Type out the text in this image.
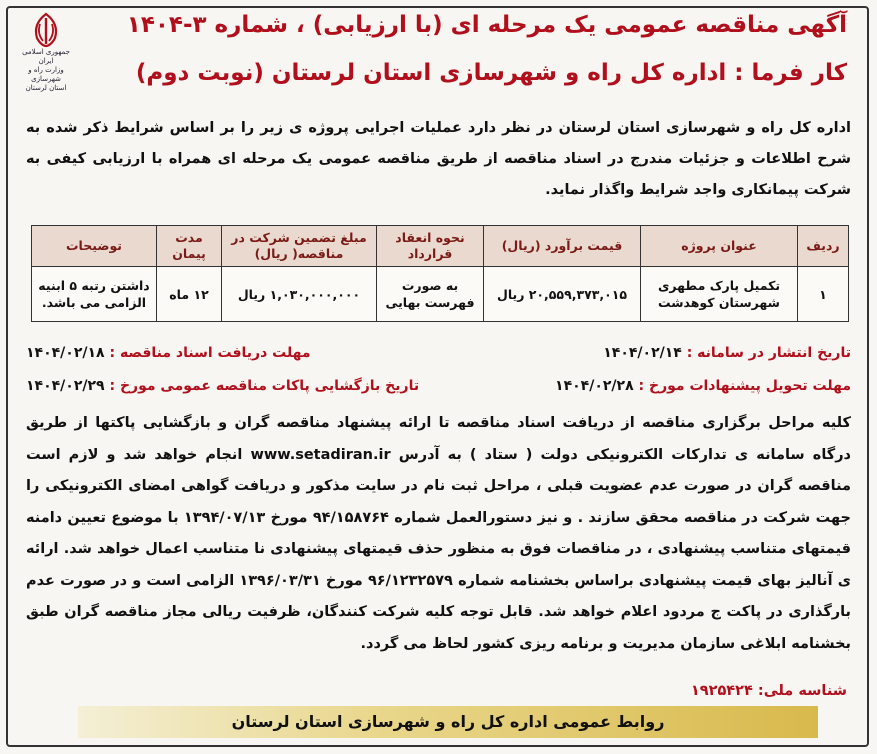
جمهوری اسلامی ایران
وزارت راه و شهرسازی
استان لرستان
آگهی مناقصه عمومی یک مرحله ای (با ارزیابی) ، شماره ۳-۱۴۰۴
کار فرما : اداره کل راه و شهرسازی استان لرستان (نوبت دوم)
اداره کل راه و شهرسازی استان لرستان در نظر دارد عملیات اجرایی پروژه ی زیر را بر اساس شرایط ذکر شده به شرح اطلاعات و جزئیات مندرج در اسناد مناقصه از طریق مناقصه عمومی یک مرحله ای همراه با ارزیابی کیفی به شرکت پیمانکاری واجد شرایط واگذار نماید.
ردیف	عنوان پروژه	قیمت برآورد (ریال)	نحوه انعقاد قرارداد	مبلغ تضمین شرکت در مناقصه( ریال)	مدت پیمان	توضیحات
۱	تکمیل پارک مطهری شهرستان کوهدشت	۲۰,۵۵۹,۳۷۳,۰۱۵ ریال	به صورت فهرست بهایی	۱,۰۳۰,۰۰۰,۰۰۰ ریال	۱۲ ماه	داشتن رتبه ۵ ابنیه الزامی می باشد.
تاریخ انتشار در سامانه : ۱۴۰۴/۰۲/۱۴
مهلت دریافت اسناد مناقصه : ۱۴۰۴/۰۲/۱۸
مهلت تحویل پیشنهادات مورخ : ۱۴۰۴/۰۲/۲۸
تاریخ بازگشایی پاکات مناقصه عمومی مورخ : ۱۴۰۴/۰۲/۲۹
کلیه مراحل برگزاری مناقصه از دریافت اسناد مناقصه تا ارائه پیشنهاد مناقصه گران و بازگشایی پاکتها از طریق درگاه سامانه ی تدارکات الکترونیکی دولت ( ستاد ) به آدرس www.setadiran.ir انجام خواهد شد و لازم است مناقصه گران در صورت عدم عضویت قبلی ، مراحل ثبت نام در سایت مذکور و دریافت گواهی امضای الکترونیکی را جهت شرکت در مناقصه محقق سازند . و نیز دستورالعمل شماره ۹۴/۱۵۸۷۶۴ مورخ ۱۳۹۴/۰۷/۱۳ با موضوع تعیین دامنه قیمتهای متناسب پیشنهادی ، در مناقصات فوق به منظور حذف قیمتهای پیشنهادی نا متناسب اعمال خواهد شد. ارائه ی آنالیز بهای قیمت پیشنهادی براساس بخشنامه شماره ۹۶/۱۲۳۲۵۷۹ مورخ ۱۳۹۶/۰۳/۳۱ الزامی است و در صورت عدم بارگذاری در پاکت ج مردود اعلام خواهد شد. قابل توجه کلیه شرکت کنندگان، ظرفیت ریالی مجاز مناقصه گران طبق بخشنامه ابلاغی سازمان مدیریت و برنامه ریزی کشور لحاظ می گردد.
شناسه ملی: ۱۹۲۵۴۲۴
روابط عمومی اداره کل راه و شهرسازی استان لرستان
